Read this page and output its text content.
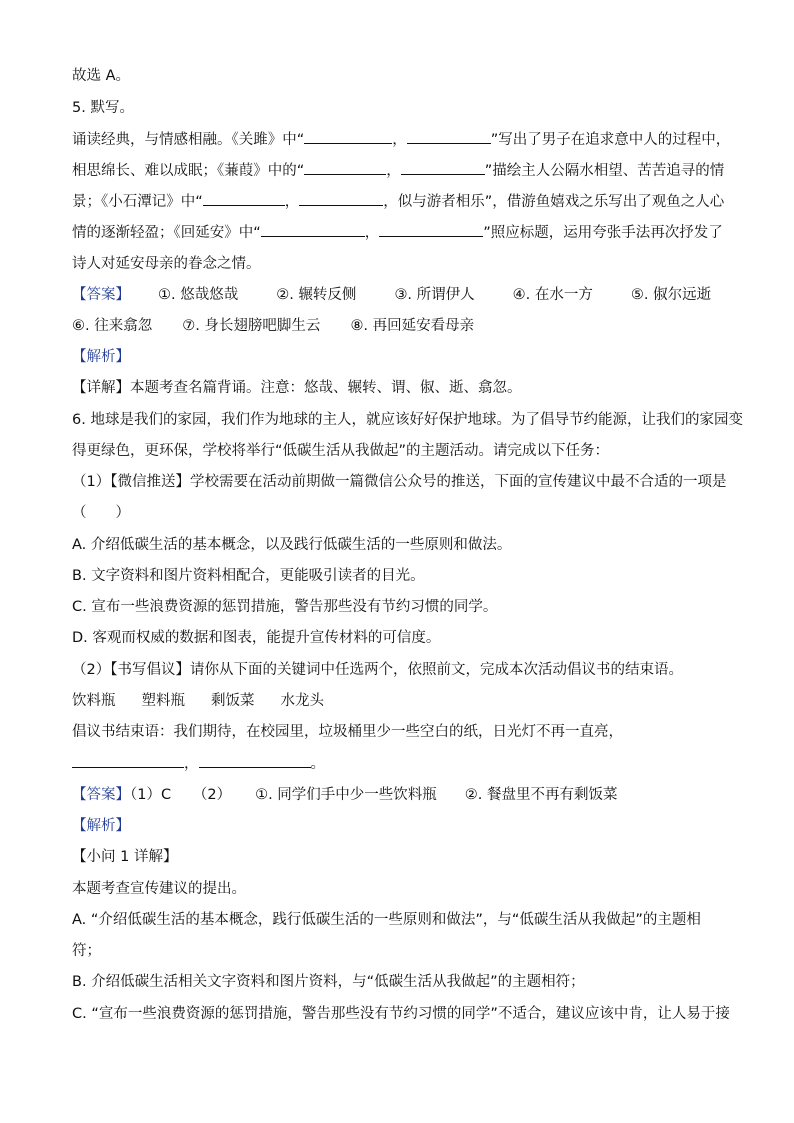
故选 A。
5. 默写。
诵读经典，与情感相融。《关雎》中“	，	”写出了男子在追求意中人的过程中，
相思绵长、难以成眠；《蒹葭》中的“	，	”描绘主人公隔水相望、苦苦追寻的情
景；《小石潭记》中“	，	，似与游者相乐”，借游鱼嬉戏之乐写出了观鱼之人心
情的逐渐轻盈；《回延安》中“	，	”照应标题，运用夸张手法再次抒发了
诗人对延安母亲的眷念之情。
【答案】 ①. 悠哉悠哉	②. 辗转反侧	③. 所谓伊人	④. 在水一方	⑤. 俶尔远逝
⑥. 往来翕忽 ⑦. 身长翅膀吧脚生云 ⑧. 再回延安看母亲
【解析】
【详解】本题考查名篇背诵。注意：悠哉、辗转、谓、俶、逝、翕忽。
6. 地球是我们的家园，我们作为地球的主人，就应该好好保护地球。为了倡导节约能源，让我们的家园变
得更绿色，更环保，学校将举行“低碳生活从我做起”的主题活动。请完成以下任务：
（1）【微信推送】学校需要在活动前期做一篇微信公众号的推送，下面的宣传建议中最不合适的一项是
（　　）
A. 介绍低碳生活的基本概念，以及践行低碳生活的一些原则和做法。
B. 文字资料和图片资料相配合，更能吸引读者的目光。
C. 宣布一些浪费资源的惩罚措施，警告那些没有节约习惯的同学。
D. 客观而权威的数据和图表，能提升宣传材料的可信度。
（2）【书写倡议】请你从下面的关键词中任选两个，依照前文，完成本次活动倡议书的结束语。
饮料瓶 塑料瓶 剩饭菜 水龙头
倡议书结束语：我们期待，在校园里，垃圾桶里少一些空白的纸，日光灯不再一直亮，
，	。
【答案】（1）C　　（2） ①. 同学们手中少一些饮料瓶 ②. 餐盘里不再有剩饭菜
【解析】
【小问 1 详解】
本题考查宣传建议的提出。
A. “介绍低碳生活的基本概念，践行低碳生活的一些原则和做法”，与“低碳生活从我做起”的主题相
符；
B. 介绍低碳生活相关文字资料和图片资料，与“低碳生活从我做起”的主题相符；
C. “宣布一些浪费资源的惩罚措施，警告那些没有节约习惯的同学”不适合，建议应该中肯，让人易于接
